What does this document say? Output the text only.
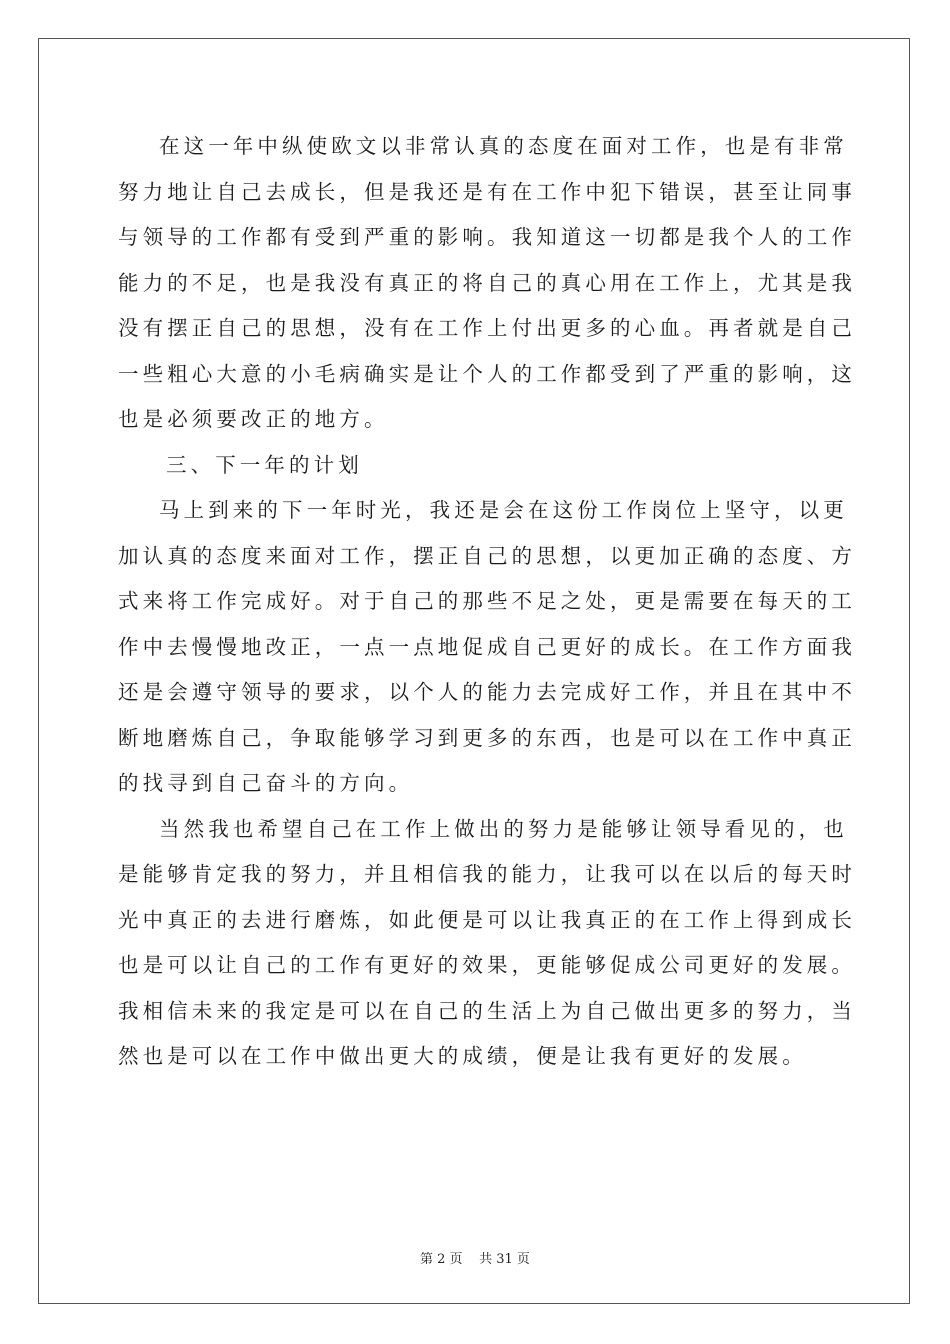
在这一年中纵使欧文以非常认真的态度在面对工作，也是有非常
努力地让自己去成长，但是我还是有在工作中犯下错误，甚至让同事
与领导的工作都有受到严重的影响。我知道这一切都是我个人的工作
能力的不足，也是我没有真正的将自己的真心用在工作上，尤其是我
没有摆正自己的思想，没有在工作上付出更多的心血。再者就是自己
一些粗心大意的小毛病确实是让个人的工作都受到了严重的影响，这
也是必须要改正的地方。
三、下一年的计划
马上到来的下一年时光，我还是会在这份工作岗位上坚守，以更
加认真的态度来面对工作，摆正自己的思想，以更加正确的态度、方
式来将工作完成好。对于自己的那些不足之处，更是需要在每天的工
作中去慢慢地改正，一点一点地促成自己更好的成长。在工作方面我
还是会遵守领导的要求，以个人的能力去完成好工作，并且在其中不
断地磨炼自己，争取能够学习到更多的东西，也是可以在工作中真正
的找寻到自己奋斗的方向。
当然我也希望自己在工作上做出的努力是能够让领导看见的，也
是能够肯定我的努力，并且相信我的能力，让我可以在以后的每天时
光中真正的去进行磨炼，如此便是可以让我真正的在工作上得到成长
也是可以让自己的工作有更好的效果，更能够促成公司更好的发展。
我相信未来的我定是可以在自己的生活上为自己做出更多的努力，当
然也是可以在工作中做出更大的成绩，便是让我有更好的发展。
第 2 页 共 31 页
